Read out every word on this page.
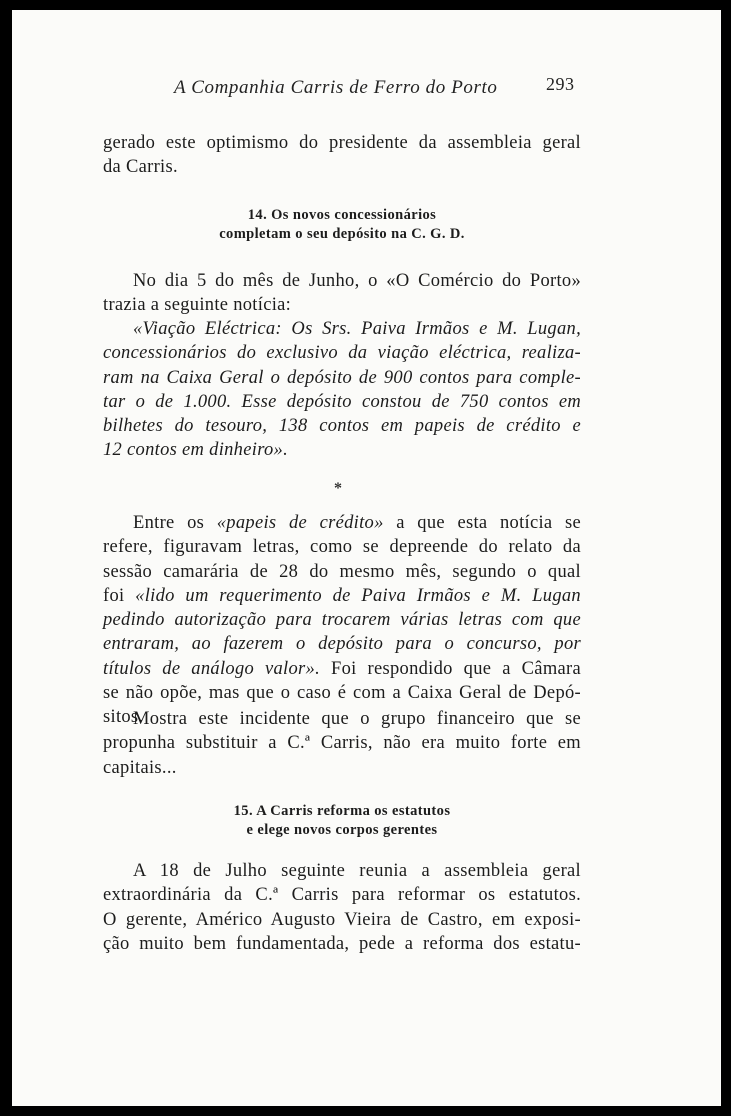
A Companhia Carris de Ferro do Porto	293
gerado este optimismo do presidente da assembleia geral
da Carris.
14. Os novos concessionários
completam o seu depósito na C. G. D.
No dia 5 do mês de Junho, o «O Comércio do Porto»
trazia a seguinte notícia:
«Viação Eléctrica: Os Srs. Paiva Irmãos e M. Lugan,
concessionários do exclusivo da viação eléctrica, realiza-
ram na Caixa Geral o depósito de 900 contos para comple-
tar o de 1.000. Esse depósito constou de 750 contos em
bilhetes do tesouro, 138 contos em papeis de crédito e
12 contos em dinheiro».
*
Entre os «papeis de crédito» a que esta notícia se
refere, figuravam letras, como se depreende do relato da
sessão camarária de 28 do mesmo mês, segundo o qual
foi «lido um requerimento de Paiva Irmãos e M. Lugan
pedindo autorização para trocarem várias letras com que
entraram, ao fazerem o depósito para o concurso, por
títulos de análogo valor». Foi respondido que a Câmara
se não opõe, mas que o caso é com a Caixa Geral de Depó-
sitos.
Mostra este incidente que o grupo financeiro que se
propunha substituir a C.ª Carris, não era muito forte em
capitais...
15. A Carris reforma os estatutos
e elege novos corpos gerentes
A 18 de Julho seguinte reunia a assembleia geral
extraordinária da C.ª Carris para reformar os estatutos.
O gerente, Américo Augusto Vieira de Castro, em exposi-
ção muito bem fundamentada, pede a reforma dos estatu-
